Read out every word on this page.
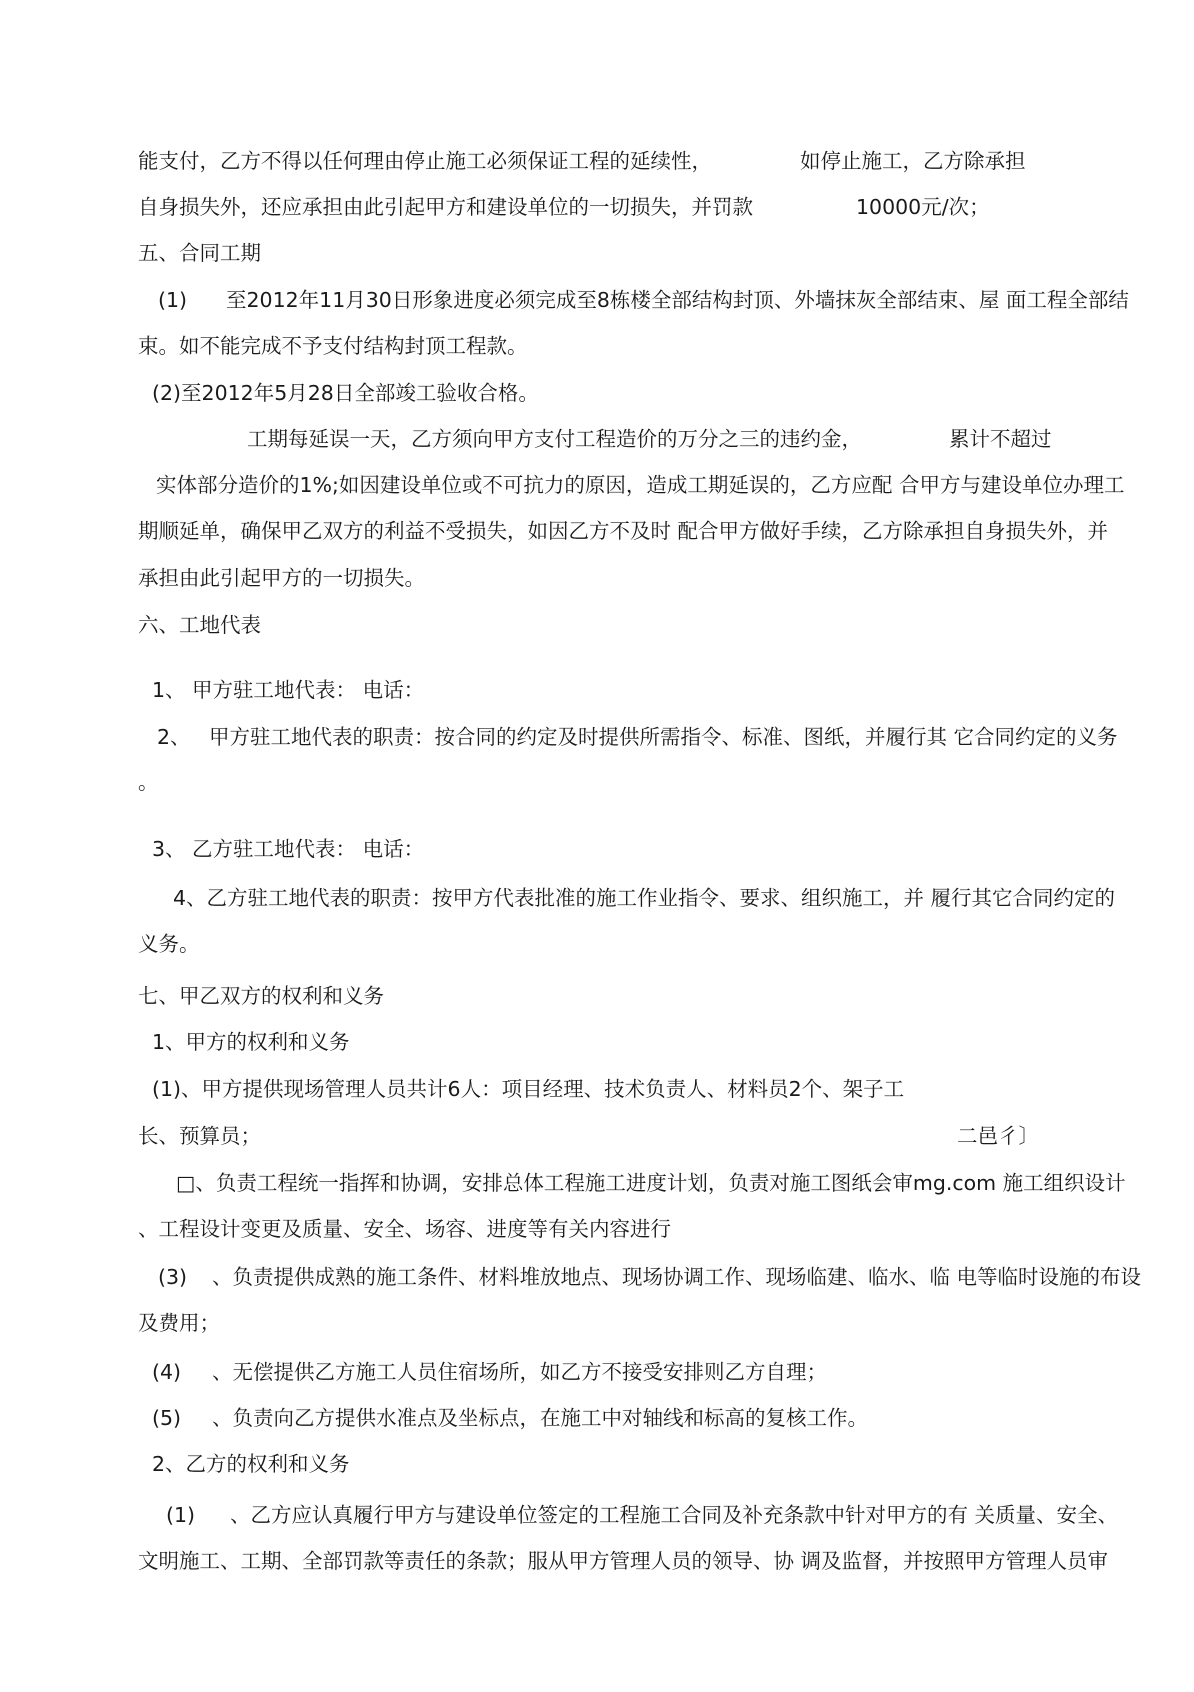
能支付，乙方不得以任何理由停止施工必须保证工程的延续性，	如停止施工，乙方除承担
自身损失外，还应承担由此引起甲方和建设单位的一切损失，并罚款	10000元/次；
五、合同工期
(1) 至2012年11月30日形象进度必须完成至8栋楼全部结构封顶、外墙抹灰全部结束、屋 面工程全部结
束。如不能完成不予支付结构封顶工程款。
(2)至2012年5月28日全部竣工验收合格。
工期每延误一天，乙方须向甲方支付工程造价的万分之三的违约金，	累计不超过
实体部分造价的1%;如因建设单位或不可抗力的原因，造成工期延误的，乙方应配 合甲方与建设单位办理工
期顺延单，确保甲乙双方的利益不受损失，如因乙方不及时 配合甲方做好手续，乙方除承担自身损失外，并
承担由此引起甲方的一切损失。
六、工地代表
1、 甲方驻工地代表： 电话：
2、 甲方驻工地代表的职责：按合同的约定及时提供所需指令、标准、图纸，并履行其 它合同约定的义务
。
3、 乙方驻工地代表： 电话：
4、乙方驻工地代表的职责：按甲方代表批准的施工作业指令、要求、组织施工，并 履行其它合同约定的
义务。
七、甲乙双方的权利和义务
1、甲方的权利和义务
(1)、甲方提供现场管理人员共计6人：项目经理、技术负责人、材料员2个、架子工
长、预算员；	二邑彳〕
□、负责工程统一指挥和协调，安排总体工程施工进度计划，负责对施工图纸会审mg.com 施工组织设计
、工程设计变更及质量、安全、场容、进度等有关内容进行
(3) 、负责提供成熟的施工条件、材料堆放地点、现场协调工作、现场临建、临水、临 电等临时设施的布设
及费用；
(4) 、无偿提供乙方施工人员住宿场所，如乙方不接受安排则乙方自理；
(5) 、负责向乙方提供水准点及坐标点，在施工中对轴线和标高的复核工作。
2、乙方的权利和义务
(1) 、乙方应认真履行甲方与建设单位签定的工程施工合同及补充条款中针对甲方的有 关质量、安全、
文明施工、工期、全部罚款等责任的条款；服从甲方管理人员的领导、协 调及监督，并按照甲方管理人员审
